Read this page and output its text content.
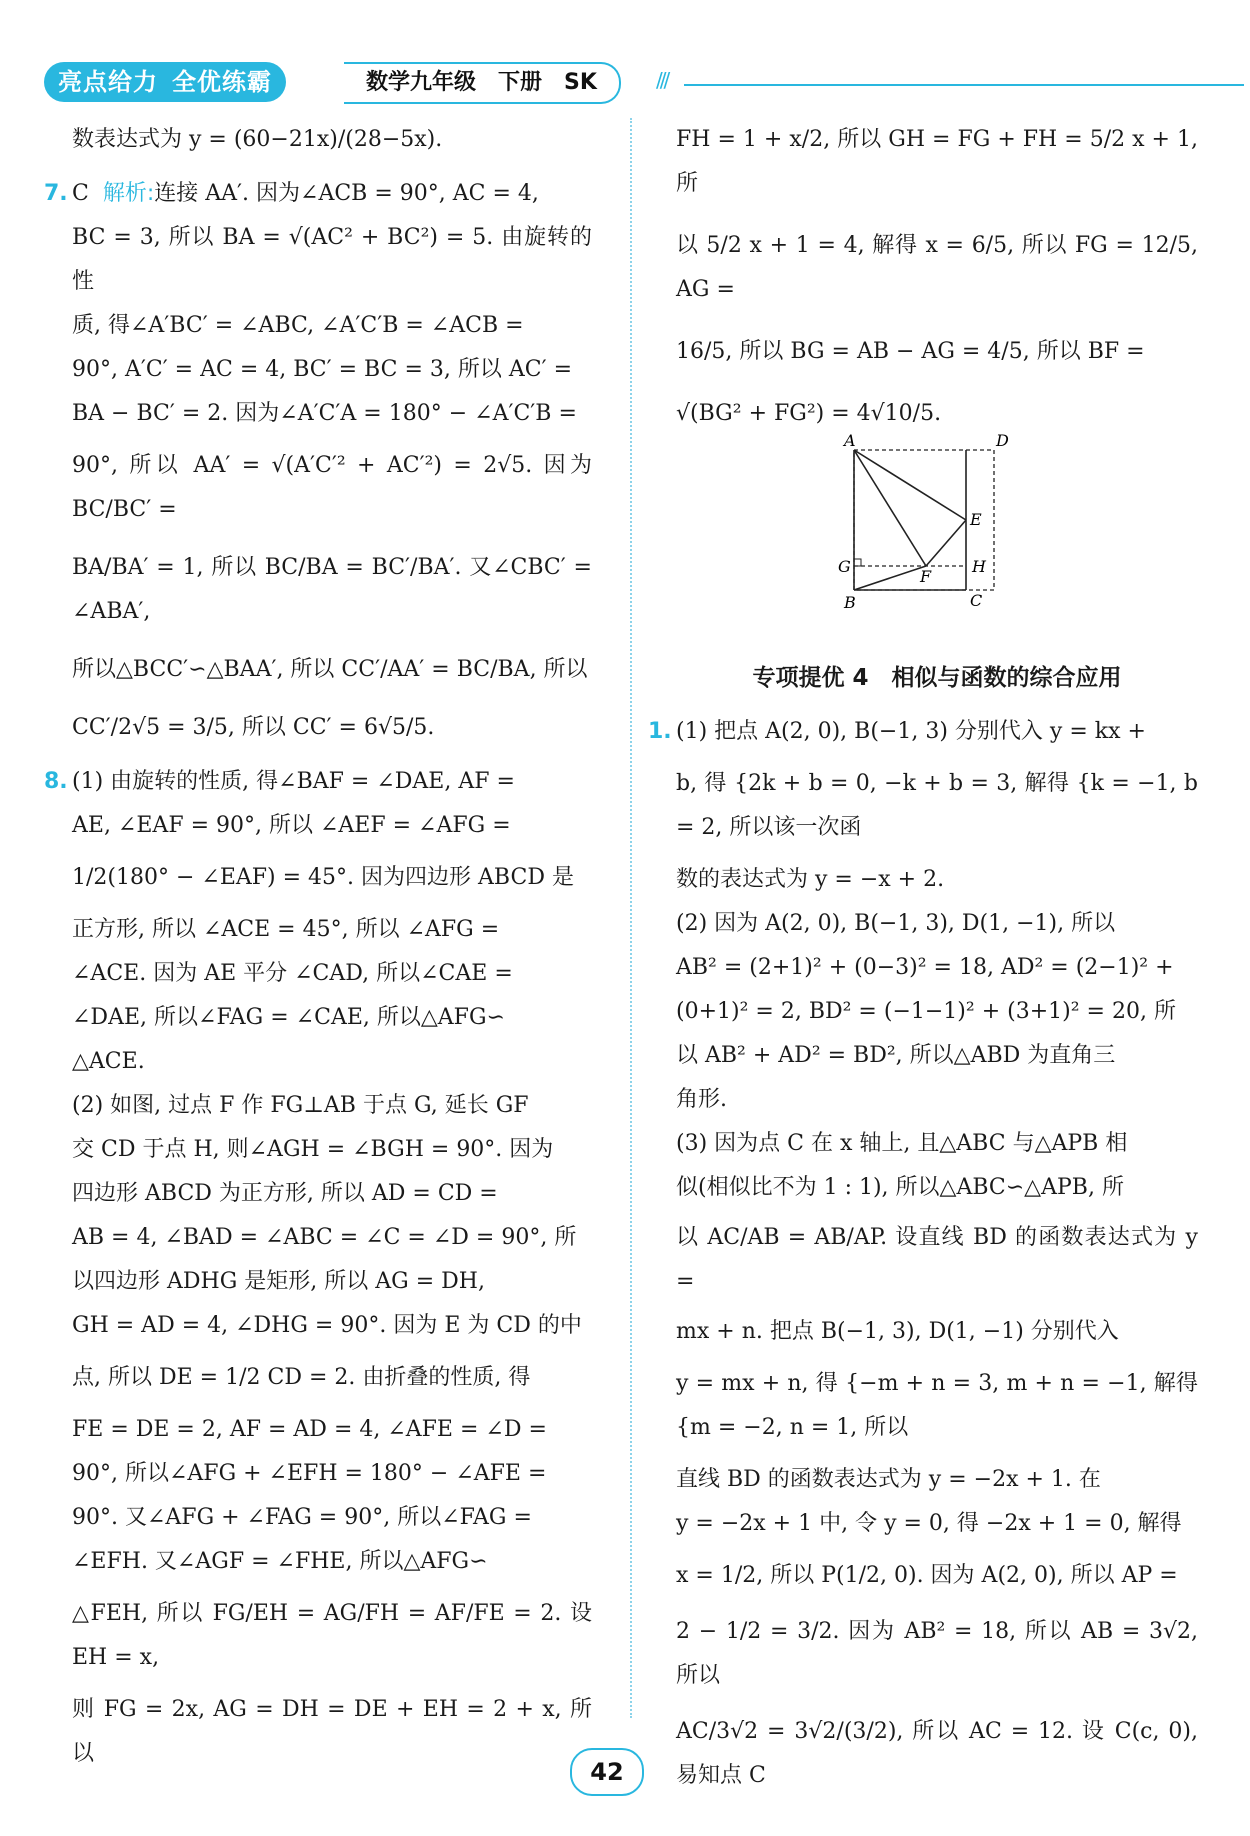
亮点给力 全优练霸	数学九年级 下册 SK	///

数表达式为 y = (60−21x)/(28−5x).

7. C 解析:连接 AA′. 因为∠ACB = 90°, AC = 4,

BC = 3, 所以 BA = √(AC² + BC²) = 5. 由旋转的性

质, 得∠A′BC′ = ∠ABC, ∠A′C′B = ∠ACB =

90°, A′C′ = AC = 4, BC′ = BC = 3, 所以 AC′ =

BA − BC′ = 2. 因为∠A′C′A = 180° − ∠A′C′B =

90°, 所以 AA′ = √(A′C′² + AC′²) = 2√5. 因为 BC/BC′ =

BA/BA′ = 1, 所以 BC/BA = BC′/BA′. 又∠CBC′ = ∠ABA′,

所以△BCC′∽△BAA′, 所以 CC′/AA′ = BC/BA, 所以

CC′/2√5 = 3/5, 所以 CC′ = 6√5/5.

8. (1) 由旋转的性质, 得∠BAF = ∠DAE, AF =

AE, ∠EAF = 90°, 所以 ∠AEF = ∠AFG =

1/2(180° − ∠EAF) = 45°. 因为四边形 ABCD 是

正方形, 所以 ∠ACE = 45°, 所以 ∠AFG =

∠ACE. 因为 AE 平分 ∠CAD, 所以∠CAE =

∠DAE, 所以∠FAG = ∠CAE, 所以△AFG∽

△ACE.

(2) 如图, 过点 F 作 FG⊥AB 于点 G, 延长 GF

交 CD 于点 H, 则∠AGH = ∠BGH = 90°. 因为

四边形 ABCD 为正方形, 所以 AD = CD =

AB = 4, ∠BAD = ∠ABC = ∠C = ∠D = 90°, 所

以四边形 ADHG 是矩形, 所以 AG = DH,

GH = AD = 4, ∠DHG = 90°. 因为 E 为 CD 的中

点, 所以 DE = 1/2 CD = 2. 由折叠的性质, 得

FE = DE = 2, AF = AD = 4, ∠AFE = ∠D =

90°, 所以∠AFG + ∠EFH = 180° − ∠AFE =

90°. 又∠AFG + ∠FAG = 90°, 所以∠FAG =

∠EFH. 又∠AGF = ∠FHE, 所以△AFG∽

△FEH, 所以 FG/EH = AG/FH = AF/FE = 2. 设 EH = x,

则 FG = 2x, AG = DH = DE + EH = 2 + x, 所以

FH = 1 + x/2, 所以 GH = FG + FH = 5/2 x + 1, 所

以 5/2 x + 1 = 4, 解得 x = 6/5, 所以 FG = 12/5, AG =

16/5, 所以 BG = AB − AG = 4/5, 所以 BF =

√(BG² + FG²) = 4√10/5.

专项提优 4　相似与函数的综合应用

1. (1) 把点 A(2, 0), B(−1, 3) 分别代入 y = kx +

b, 得 {2k + b = 0, −k + b = 3, 解得 {k = −1, b = 2, 所以该一次函

数的表达式为 y = −x + 2.

(2) 因为 A(2, 0), B(−1, 3), D(1, −1), 所以

AB² = (2+1)² + (0−3)² = 18, AD² = (2−1)² +

(0+1)² = 2, BD² = (−1−1)² + (3+1)² = 20, 所

以 AB² + AD² = BD², 所以△ABD 为直角三

角形.

(3) 因为点 C 在 x 轴上, 且△ABC 与△APB 相

似(相似比不为 1 : 1), 所以△ABC∽△APB, 所

以 AC/AB = AB/AP. 设直线 BD 的函数表达式为 y =

mx + n. 把点 B(−1, 3), D(1, −1) 分别代入

y = mx + n, 得 {−m + n = 3, m + n = −1, 解得 {m = −2, n = 1, 所以

直线 BD 的函数表达式为 y = −2x + 1. 在

y = −2x + 1 中, 令 y = 0, 得 −2x + 1 = 0, 解得

x = 1/2, 所以 P(1/2, 0). 因为 A(2, 0), 所以 AP =

2 − 1/2 = 3/2. 因为 AB² = 18, 所以 AB = 3√2, 所以

AC/3√2 = 3√2/(3/2), 所以 AC = 12. 设 C(c, 0), 易知点 C

A	D
E
G	H
F
B	C
42
